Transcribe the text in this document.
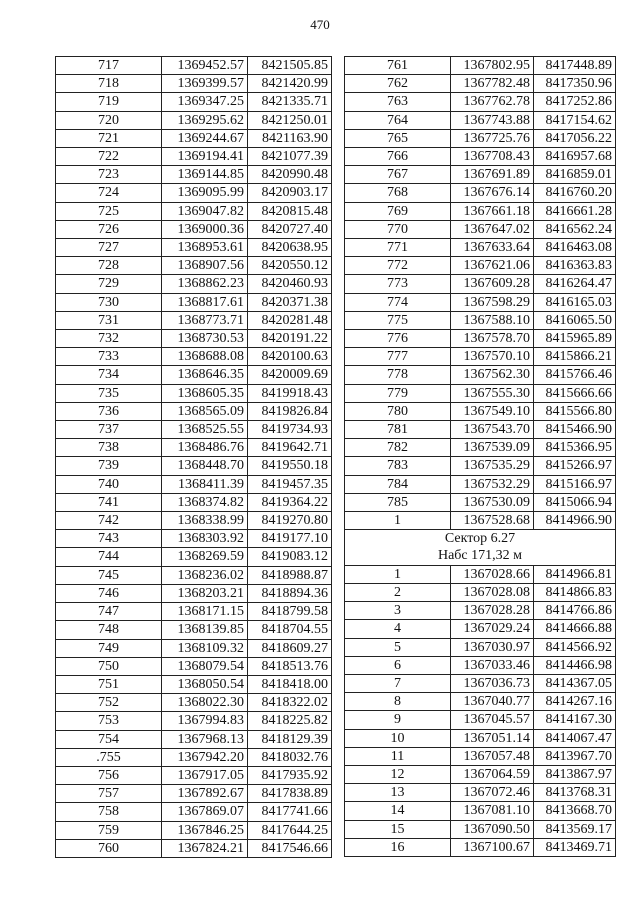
470
717	1369452.57	8421505.85
718	1369399.57	8421420.99
719	1369347.25	8421335.71
720	1369295.62	8421250.01
721	1369244.67	8421163.90
722	1369194.41	8421077.39
723	1369144.85	8420990.48
724	1369095.99	8420903.17
725	1369047.82	8420815.48
726	1369000.36	8420727.40
727	1368953.61	8420638.95
728	1368907.56	8420550.12
729	1368862.23	8420460.93
730	1368817.61	8420371.38
731	1368773.71	8420281.48
732	1368730.53	8420191.22
733	1368688.08	8420100.63
734	1368646.35	8420009.69
735	1368605.35	8419918.43
736	1368565.09	8419826.84
737	1368525.55	8419734.93
738	1368486.76	8419642.71
739	1368448.70	8419550.18
740	1368411.39	8419457.35
741	1368374.82	8419364.22
742	1368338.99	8419270.80
743	1368303.92	8419177.10
744	1368269.59	8419083.12
745	1368236.02	8418988.87
746	1368203.21	8418894.36
747	1368171.15	8418799.58
748	1368139.85	8418704.55
749	1368109.32	8418609.27
750	1368079.54	8418513.76
751	1368050.54	8418418.00
752	1368022.30	8418322.02
753	1367994.83	8418225.82
754	1367968.13	8418129.39
.755	1367942.20	8418032.76
756	1367917.05	8417935.92
757	1367892.67	8417838.89
758	1367869.07	8417741.66
759	1367846.25	8417644.25
760	1367824.21	8417546.66
761	1367802.95	8417448.89
762	1367782.48	8417350.96
763	1367762.78	8417252.86
764	1367743.88	8417154.62
765	1367725.76	8417056.22
766	1367708.43	8416957.68
767	1367691.89	8416859.01
768	1367676.14	8416760.20
769	1367661.18	8416661.28
770	1367647.02	8416562.24
771	1367633.64	8416463.08
772	1367621.06	8416363.83
773	1367609.28	8416264.47
774	1367598.29	8416165.03
775	1367588.10	8416065.50
776	1367578.70	8415965.89
777	1367570.10	8415866.21
778	1367562.30	8415766.46
779	1367555.30	8415666.66
780	1367549.10	8415566.80
781	1367543.70	8415466.90
782	1367539.09	8415366.95
783	1367535.29	8415266.97
784	1367532.29	8415166.97
785	1367530.09	8415066.94
1	1367528.68	8414966.90
Сектор 6.27		
Набс 171,32 м		
1	1367028.66	8414966.81
2	1367028.08	8414866.83
3	1367028.28	8414766.86
4	1367029.24	8414666.88
5	1367030.97	8414566.92
6	1367033.46	8414466.98
7	1367036.73	8414367.05
8	1367040.77	8414267.16
9	1367045.57	8414167.30
10	1367051.14	8414067.47
11	1367057.48	8413967.70
12	1367064.59	8413867.97
13	1367072.46	8413768.31
14	1367081.10	8413668.70
15	1367090.50	8413569.17
16	1367100.67	8413469.71
